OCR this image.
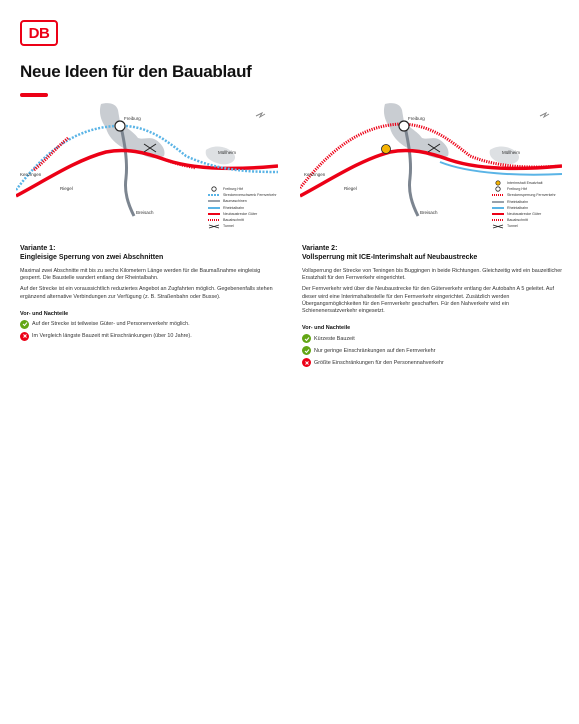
DB
Neue Ideen für den Bauablauf
Freiburg
Müllheim
Kenzingen
Riegel
Breisach
Freiburg Hbf
Streckenverschwenk Fernverkehr
Baumaschinen
Rheintalbahn
Neubaustrecke Güter
Bauabschnitt
Tunnel
Freiburg
Müllheim
Kenzingen
Riegel
Breisach
Interimshalt Ersatzhalt
Freiburg Hbf
Streckensperrung Fernverkehr
Rheintalbahn
Rheintalbahn
Neubaustrecke Güter
Bauabschnitt
Tunnel
Variante 1:
Eingleisige Sperrung von zwei Abschnitten

Maximal zwei Abschnitte mit bis zu sechs Kilometern Länge werden für die Baumaßnahme eingleisig gesperrt. Die Baustelle wandert entlang der Rheintalbahn.

Auf der Strecke ist ein voraussichtlich reduziertes Angebot an Zugfahrten möglich. Gegebenenfalls stehen ergänzend alternative Verbindungen zur Verfügung (z. B. Straßenbahn oder Busse).

Vor- und Nachteile
Auf der Strecke ist teilweise Güter- und Personenverkehr möglich.
Im Vergleich längste Bauzeit mit Einschränkungen (über 10 Jahre).
Variante 2:
Vollsperrung mit ICE-Interimshalt auf Neubaustrecke

Vollsperrung der Strecke von Teningen bis Buggingen in beide Richtungen. Gleichzeitig wird ein bauzeitlicher Ersatzhalt für den Fernverkehr eingerichtet.

Der Fernverkehr wird über die Neubaustrecke für den Güterverkehr entlang der Autobahn A 5 geleitet. Auf dieser wird eine Interimshaltestelle für den Fernverkehr eingerichtet. Zusätzlich werden Übergangsmöglichkeiten für den Fernverkehr geschaffen. Für den Nahverkehr wird ein Schienenersatzverkehr eingesetzt.

Vor- und Nachteile
Kürzeste Bauzeit
Nur geringe Einschränkungen auf den Fernverkehr
Größte Einschränkungen für den Personennahverkehr
